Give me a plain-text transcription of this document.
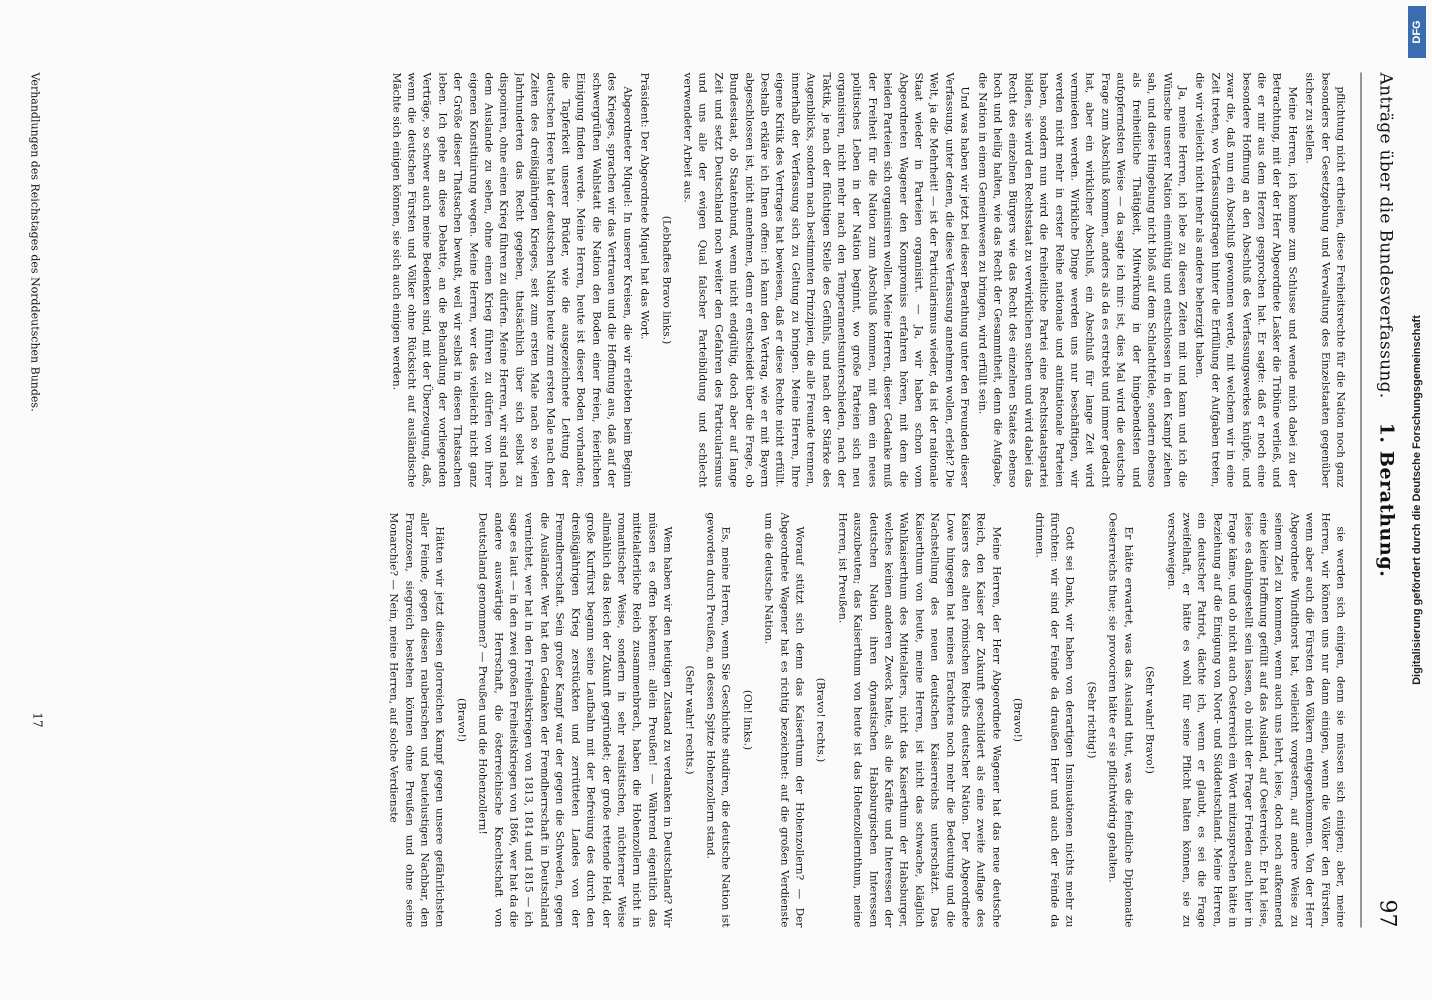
Anträge über die Bundesverfassung.
1. Berathung.
97

pflichtung nicht ertheilen, diese Freiheitsrechte für die Nation noch ganz besonders der Gesetzgebung und Verwaltung des Einzelstaaten gegenüber sicher zu stellen.

Meine Herren, ich komme zum Schlusse und wende mich dabei zu der Betrachtung, mit der der Herr Abgeordnete Lasker die Tribüne verließ, und die er mir aus dem Herzen gesprochen hat. Er sagte: daß er noch eine besondere Hoffnung an den Abschluß des Verfassungswerkes knüpfe, und zwar die, daß nun ein Abschluß gewonnen werde, mit welchem wir in eine Zeit treten, wo Verfassungsfragen hinter die Erfüllung der Aufgaben treten, die wir vielleicht nicht mehr als andere beherzigt haben.

Ja, meine Herren, ich lebe zu diesen Zeiten mit und kann und ich die Wünsche unserer Nation einmüthig und entschlossen in den Kampf ziehen sah, und diese Hingebung nicht bloß auf dem Schlachtfelde, sondern ebenso als freiheitliche Thätigkeit, Mitwirkung in der hingebendsten und aufopferndsten Weise — da sagte ich mir: ist, dies Mal wird die deutsche Frage zum Abschluß kommen, anders als da es erstrebt und immer gedacht hat, aber ein wirklicher Abschluß, ein Abschluß für lange Zeit wird vermieden werden. Wirkliche Dinge werden uns nur beschäftigen, wir werden nicht mehr in erster Reihe nationale und antinationale Parteien haben, sondern nun wird die freiheitliche Partei eine Rechtsstaatspartei bilden, sie wird den Rechtsstaat zu verwirklichen suchen und wird dabei das Recht des einzelnen Bürgers wie das Recht des einzelnen Staates ebenso hoch und heilig halten, wie das Recht der Gesammtheit, denn die Aufgabe, die Nation in einem Gemeinwesen zu bringen, wird erfüllt sein.

Und was haben wir jetzt bei dieser Berathung unter den Freunden dieser Verfassung, unter denen, die diese Verfassung annehmen wollen, erlebt? Die Welt, ja die Mehrheit! — ist der Particularismus wieder, da ist der nationale Staat wieder in Parteien organisirt. — Ja, wir haben schon vom Abgeordneten Wagener den Kompromiss erfahren hören, mit dem die beiden Parteien sich organisiren wollen. Meine Herren, dieser Gedanke muß der Freiheit für die Nation zum Abschluß kommen, mit dem ein neues politisches Leben in der Nation beginnt, wo große Parteien sich neu organisiren, nicht mehr nach den Temperamentsunterschieden, nach der Taktik, je nach der flüchtigen Stelle des Gefühls, und nach der Stärke des Augenblicks, sondern nach bestimmten Prinzipien, die alle Freunde trennen, innerhalb der Verfassung sich zu Geltung zu bringen. Meine Herren, Ihre eigene Kritik des Vertrages hat bewiesen, daß er diese Rechte nicht erfüllt. Deshalb erkläre ich Ihnen offen: ich kann den Vertrag, wie er mit Bayern abgeschlossen ist, nicht annehmen, denn er entscheidet über die Frage, ob Bundesstaat, ob Staatenbund, wenn nicht endgültig, doch aber auf lange Zeit und setzt Deutschland noch weiter den Gefahren des Particularismus und uns alle der ewigen Qual falscher Parteibildung und schlecht verwendeter Arbeit aus.

(Lebhaftes Bravo links.)

Präsident: Der Abgeordnete Miquel hat das Wort.

Abgeordneter Miquel: In unserer Kreisen, die wir erlebten beim Beginn des Krieges, sprachen wir das Vertrauen und die Hoffnung aus, daß auf der schwergrüften Wahlstatt die Nation den Boden einer freien, feierlichen Einigung finden werde. Meine Herren, heute ist dieser Boden vorhanden; die Tapferkeit unserer Brüder, wie die ausgezeichnete Leitung der deutschen Heere hat der deutschen Nation heute zum ersten Male nach den Zeiten des dreißigjährigen Krieges, seit zum ersten Male nach so vielen Jahrhunderten das Recht gegeben, thatsächlich über sich selbst zu disponiren, ohne einen Krieg führen zu dürfen. Meine Herren, wir sind nach dem Auslande zu sehen, ohne einen Krieg führen zu dürfen von ihrer eigenen Konstituirung wegen. Meine Herren, wer das vielleicht nicht ganz der Größe dieser Thatsachen bewußt, weil wir selbst in diesen Thatsachen leben. Ich gehe an diese Debatte, an die Behandlung der vorliegenden Verträge, so schwer auch meine Bedenken sind, mit der Überzeugung, daß, wenn die deutschen Fürsten und Völker ohne Rücksicht auf ausländische Mächte sich einigen können, sie sich auch einigen werden.

sie werden sich einigen, denn sie müssen sich einigen; aber, meine Herren, wir können uns nur dann einigen, wenn die Völker den Fürsten, wenn aber auch die Fürsten den Völkern entgegenkommen. Von der Herr Abgeordnete Windthorst hat, vielleicht vorgestern, auf andere Weise zu seinem Ziel zu kommen, wenn auch uns lehrt, leise, doch noch aufkennend eine kleine Hoffnung gefüllt auf das Ausland, auf Oesterreich. Er hat leise, leise es dahingestellt sein lassen, ob nicht der Prager Frieden auch hier in Frage käme, und ob nicht auch Oesterreich ein Wort mitzusprechen hätte in Beziehung auf die Einigung von Nord- und Süddeutschland. Meine Herren, ein deutscher Patriot, dächte ich, wenn er glaubt, es sei die Frage zweifelhaft, er hätte es wohl für seine Pflicht halten können, sie zu verschweigen.

(Sehr wahr! Bravo!)

Er hätte erwartet, was das Ausland thut, was die feindliche Diplomatie Oesterreichs thue; sie provociren hätte er sie pflichtwidrig gehalten.

(Sehr richtig!)

Gott sei Dank, wir haben von derartigen Insinuationen nichts mehr zu fürchten: wir sind der Feinde da draußen Herr und auch der Feinde da drinnen.

(Bravo!)

Meine Herren, der Herr Abgeordnete Wagener hat das neue deutsche Reich, den Kaiser der Zukunft geschildert als eine zweite Auflage des Kaisers des alten römischen Reichs deutscher Nation. Der Abgeordnete Lowe hingegen hat meines Erachtens noch mehr die Bedeutung und die Nachstellung des neuen deutschen Kaiserreichs unterschätzt. Das Kaiserthum von heute, meine Herren, ist nicht das schwache, kläglich Wahlkaiserthum des Mittelalters, nicht das Kaiserthum der Habsburger, welches keinen anderen Zweck hatte, als die Kräfte und Interessen der deutschen Nation ihren dynastischen Habsburgischen Interessen auszubeuten; das Kaiserthum von heute ist das Hohenzollernthum, meine Herren, ist Preußen.

(Bravo! rechts.)

Worauf stützt sich denn das Kaiserthum der Hohenzollern? — Der Abgeordnete Wagener hat es richtig bezeichnet: auf die großen Verdienste um die deutsche Nation.

(Oh! links.)

Es, meine Herren, wenn Sie Geschichte studiren, die deutsche Nation ist geworden durch Preußen, an dessen Spitze Hohenzollern stand.

(Sehr wahr! rechts.)

Wem haben wir den heutigen Zustand zu verdanken in Deutschland? Wir müssen es offen bekennen: allein Preußen! — Während eigentlich das mittelalterliche Reich zusammenbrach, haben die Hohenzollern nicht in romantischer Weise, sondern in sehr realistischen, nüchterner Weise allmählich das Reich der Zukunft gegründet; der große rettende Held, der große Kurfürst begann seine Laufbahn mit der Befreiung des durch den dreißigjährigen Krieg zerstückten und zerrütteten Landes von der Fremdherrschaft. Sein großer Kampf war der gegen die Schweden, gegen die Ausländer. Wer hat den Gedanken der Fremdherrschaft in Deutschland vernichtet, wer hat in den Freiheitskriegen von 1813, 1814 und 1815 — ich sage es laut — in den zwei großen Freiheitskriegen von 1866, wer hat da die andere auswärtige Herrschaft, die österreichische Knechtschaft von Deutschland genommen? — Preußen und die Hohenzollern!

(Bravo!)

Hätten wir jetzt diesen glorreichen Kampf gegen unsere gefährlichsten aller Feinde, gegen diesen rauberischen und beutelustigen Nachbar, den Franzosen, siegreich bestehen können ohne Preußen und ohne seine Monarchie? — Nein, meine Herren, auf solche Verdienste

Verhandlungen des Reichstages des Norddeutschen Bundes.
17
DFG
Digitalisierung gefördert durch die Deutsche Forschungsgemeinschaft
